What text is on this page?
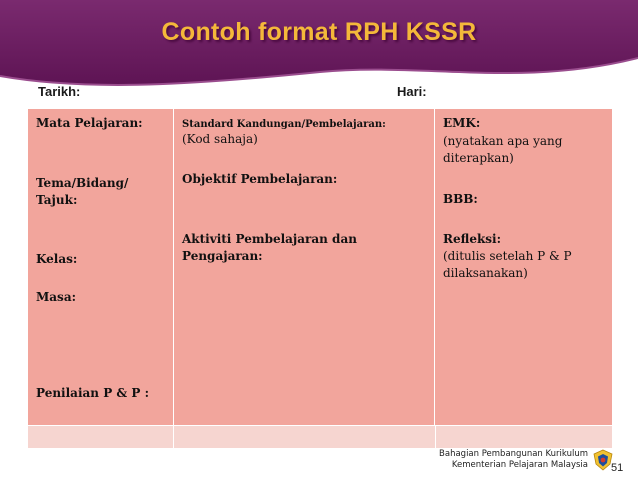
Contoh format RPH KSSR
Tarikh:	Hari:
Mata Pelajaran:
Tema/Bidang/
Tajuk:
Kelas:
Masa:
Penilaian P & P :
Standard Kandungan/Pembelajaran:
(Kod sahaja)
Objektif Pembelajaran:
Aktiviti Pembelajaran dan
Pengajaran:
EMK:
(nyatakan apa yang
diterapkan)
BBB:
Refleksi:
(ditulis setelah P & P
dilaksanakan)
Bahagian Pembangunan Kurikulum
Kementerian Pelajaran Malaysia 51
